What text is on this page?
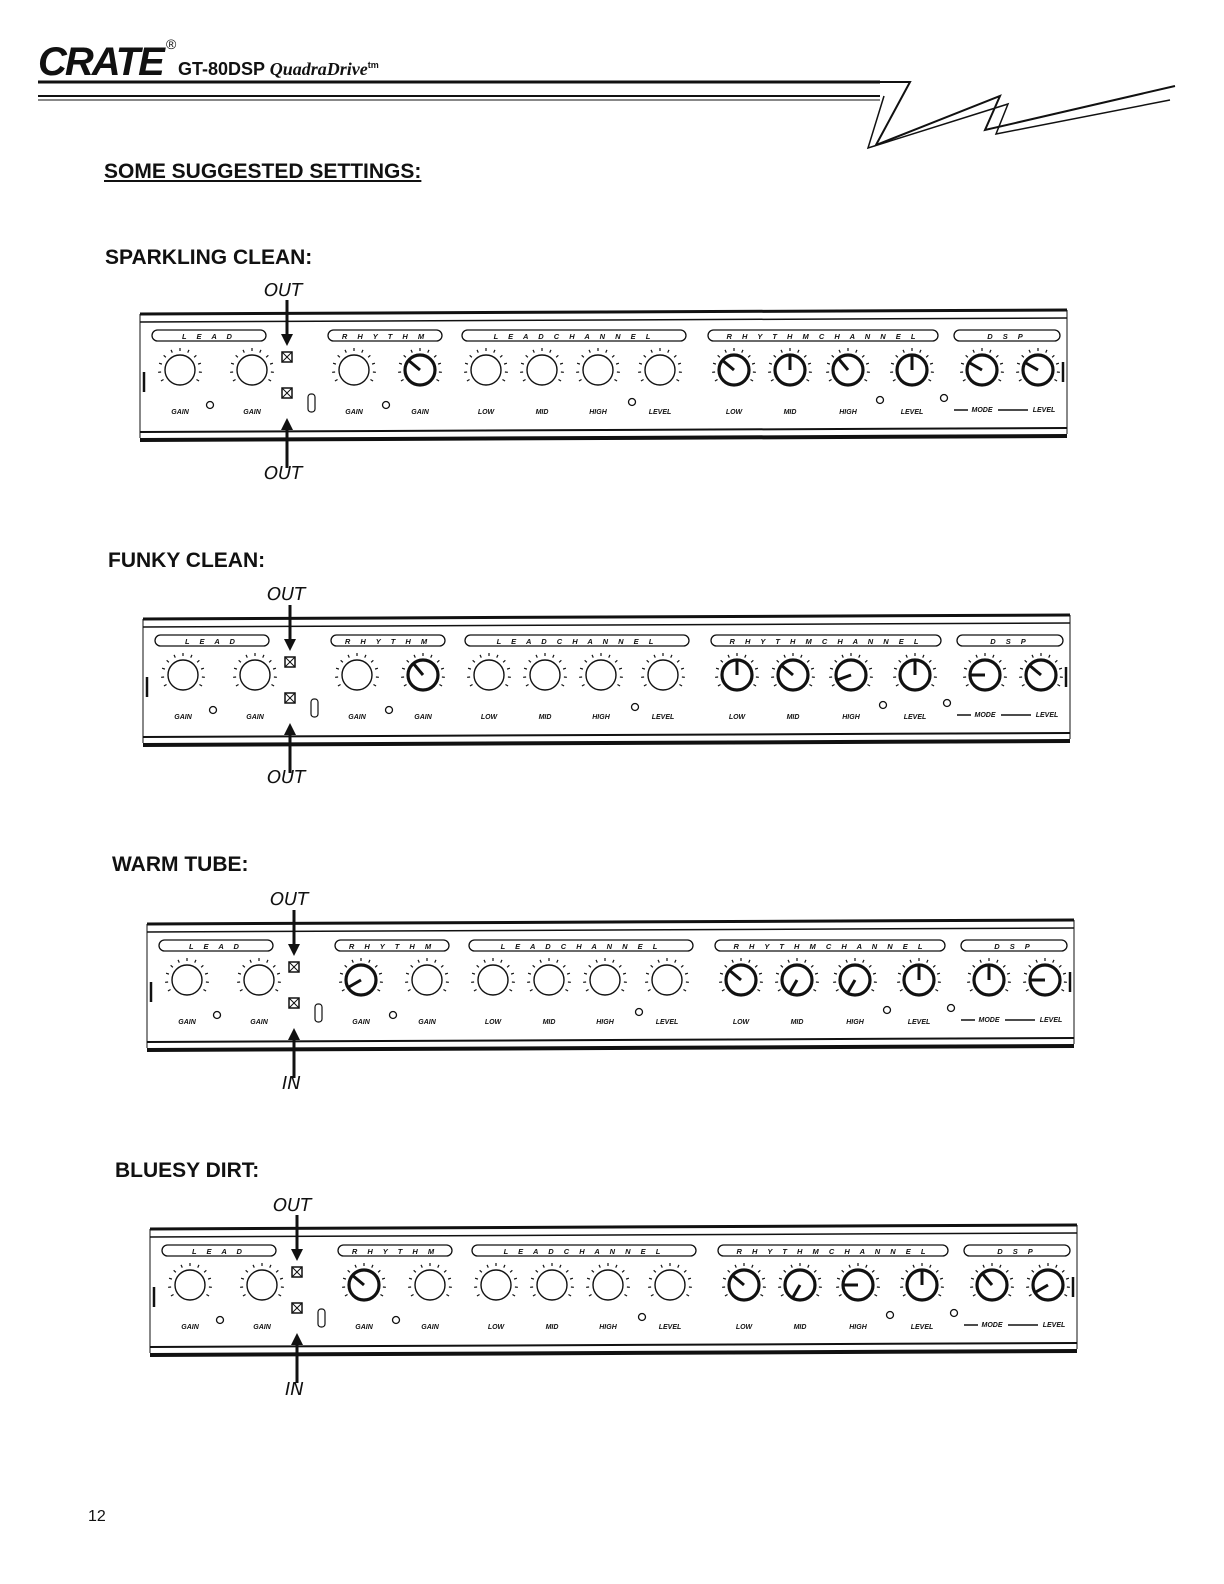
CRATE ®
GT-80DSP QuadraDrive$^{tm}$
SOME SUGGESTED SETTINGS:
SPARKLING CLEAN:
OUT
L E A D	R H Y T H M	L E A D C H A N N E L	R H Y T H M C H A N N E L	D S P
GAIN	GAIN	GAIN	GAIN	LOW	MID	HIGH	LEVEL	LOW	MID	HIGH	LEVEL	MODE	LEVEL
OUT
FUNKY CLEAN:
OUT
L E A D	R H Y T H M	L E A D C H A N N E L	R H Y T H M C H A N N E L	D S P
GAIN	GAIN	GAIN	GAIN	LOW	MID	HIGH	LEVEL	LOW	MID	HIGH	LEVEL	MODE	LEVEL
OUT
WARM TUBE:
OUT
L E A D	R H Y T H M	L E A D C H A N N E L	R H Y T H M C H A N N E L	D S P
GAIN	GAIN	GAIN	GAIN	LOW	MID	HIGH	LEVEL	LOW	MID	HIGH	LEVEL	MODE	LEVEL
IN
BLUESY DIRT:
OUT
L E A D	R H Y T H M	L E A D C H A N N E L	R H Y T H M C H A N N E L	D S P
GAIN	GAIN	GAIN	GAIN	LOW	MID	HIGH	LEVEL	LOW	MID	HIGH	LEVEL	MODE	LEVEL
IN
12
